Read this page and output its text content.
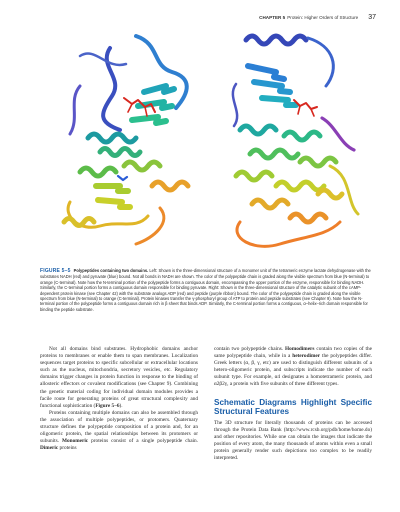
CHAPTER 5 Protein: Higher Orders of Structure 37
FIGURE 5–5 Polypeptides containing two domains. Left: Shown is the three-dimensional structure of a monomer unit of the tetrameric enzyme lactate dehydrogenase with the substrates NADH (red) and pyruvate (blue) bound. Not all bonds in NADH are shown. The color of the polypeptide chain is graded along the visible spectrum from blue (N-terminal) to orange (C-terminal). Note how the N-terminal portion of the polypeptide forms a contiguous domain, encompassing the upper portion of the enzyme, responsible for binding NADH. Similarly, the C-terminal portion forms a contiguous domain responsible for binding pyruvate. Right: Shown in the three-dimensional structure of the catalytic subunit of the cAMP-dependent protein kinase (see Chapter 42) with the substrate analogs ADP (red) and peptide (purple ribbon) bound. The color of the polypeptide chain is graded along the visible spectrum from blue (N-terminal) to orange (C-terminal). Protein kinases transfer the γ-phosphoryl group of ATP to protein and peptide substrates (see Chapter 9). Note how the N-terminal portion of the polypeptide forms a contiguous domain rich in β sheet that binds ADP. Similarly, the C-terminal portion forms a contiguous, α–helix–rich domain responsible for binding the peptide substrate.

Not all domains bind substrates. Hydrophobic domains anchor proteins to membranes or enable them to span membranes. Localization sequences target proteins to specific subcellular or extracellular locations such as the nucleus, mitochondria, secretory vesicles, etc. Regulatory domains trigger changes in protein function in response to the binding of allosteric effectors or covalent modifications (see Chapter 9). Combining the genetic material coding for individual domain modules provides a facile route for generating proteins of great structural complexity and functional sophistication (Figure 5–6).

Proteins containing multiple domains can also be assembled through the association of multiple polypeptides, or protomers. Quaternary structure defines the polypeptide composition of a protein and, for an oligomeric protein, the spatial relationships between its protomers or subunits. Monomeric proteins consist of a single polypeptide chain. Dimeric proteins

contain two polypeptide chains. Homodimers contain two copies of the same polypeptide chain, while in a heterodimer the polypeptides differ. Greek letters (α, β, γ, etc) are used to distinguish different subunits of a hetero-oligomeric protein, and subscripts indicate the number of each subunit type. For example, α4 designates a homotetrameric protein, and α2β2γ, a protein with five subunits of three different types.

Schematic Diagrams Highlight Specific Structural Features

The 3D structure for literally thousands of proteins can be accessed through the Protein Data Bank (http://www.rcsb.org/pdb/home/home.do) and other repositories. While one can obtain the images that indicate the position of every atom, the many thousands of atoms within even a small protein generally render such depictions too complex to be readily interpreted.
